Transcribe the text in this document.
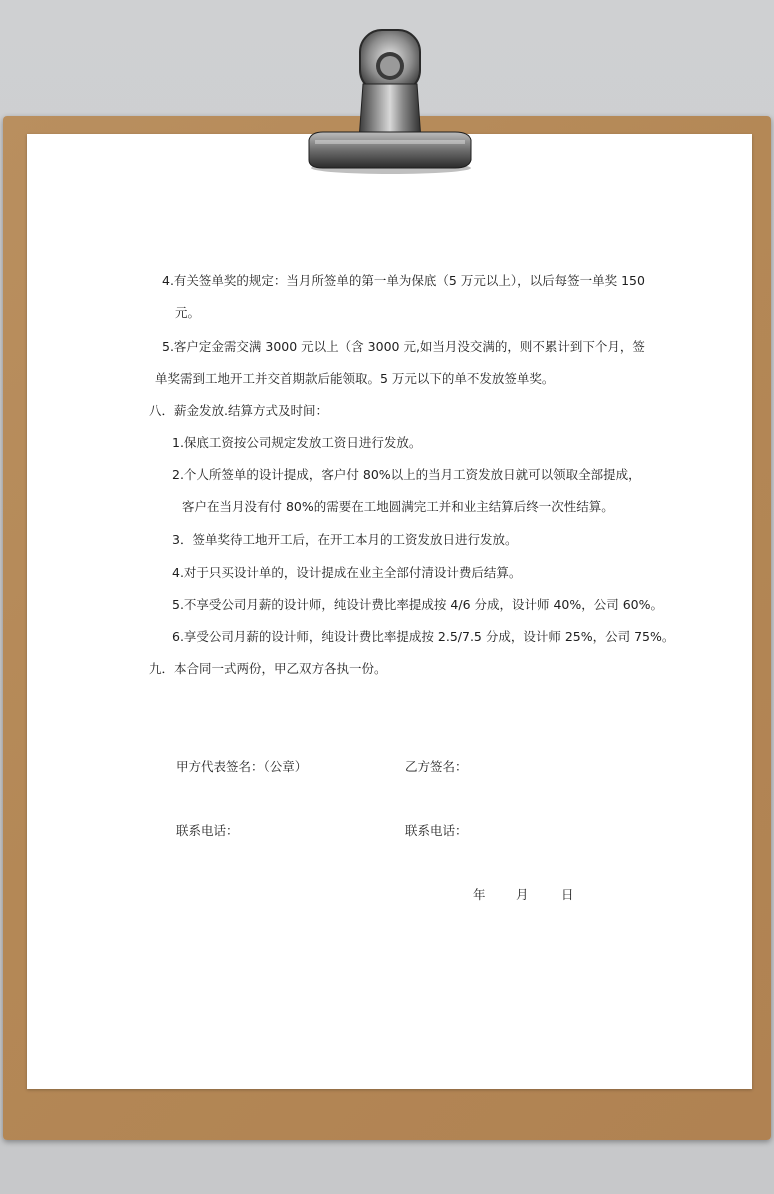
4.有关签单奖的规定：当月所签单的第一单为保底（5 万元以上），以后每签一单奖 150
元。
5.客户定金需交满 3000 元以上（含 3000 元,如当月没交满的，则不累计到下个月，签
单奖需到工地开工并交首期款后能领取。5 万元以下的单不发放签单奖。
八．薪金发放.结算方式及时间：
1.保底工资按公司规定发放工资日进行发放。
2.个人所签单的设计提成，客户付 80%以上的当月工资发放日就可以领取全部提成，
客户在当月没有付 80%的需要在工地圆满完工并和业主结算后终一次性结算。
3．签单奖待工地开工后，在开工本月的工资发放日进行发放。
4.对于只买设计单的，设计提成在业主全部付清设计费后结算。
5.不享受公司月薪的设计师，纯设计费比率提成按 4/6 分成，设计师 40%，公司 60%。
6.享受公司月薪的设计师，纯设计费比率提成按 2.5/7.5 分成，设计师 25%，公司 75%。
九．本合同一式两份，甲乙双方各执一份。
甲方代表签名：（公章）	乙方签名：
联系电话：	联系电话：
年 月	日
